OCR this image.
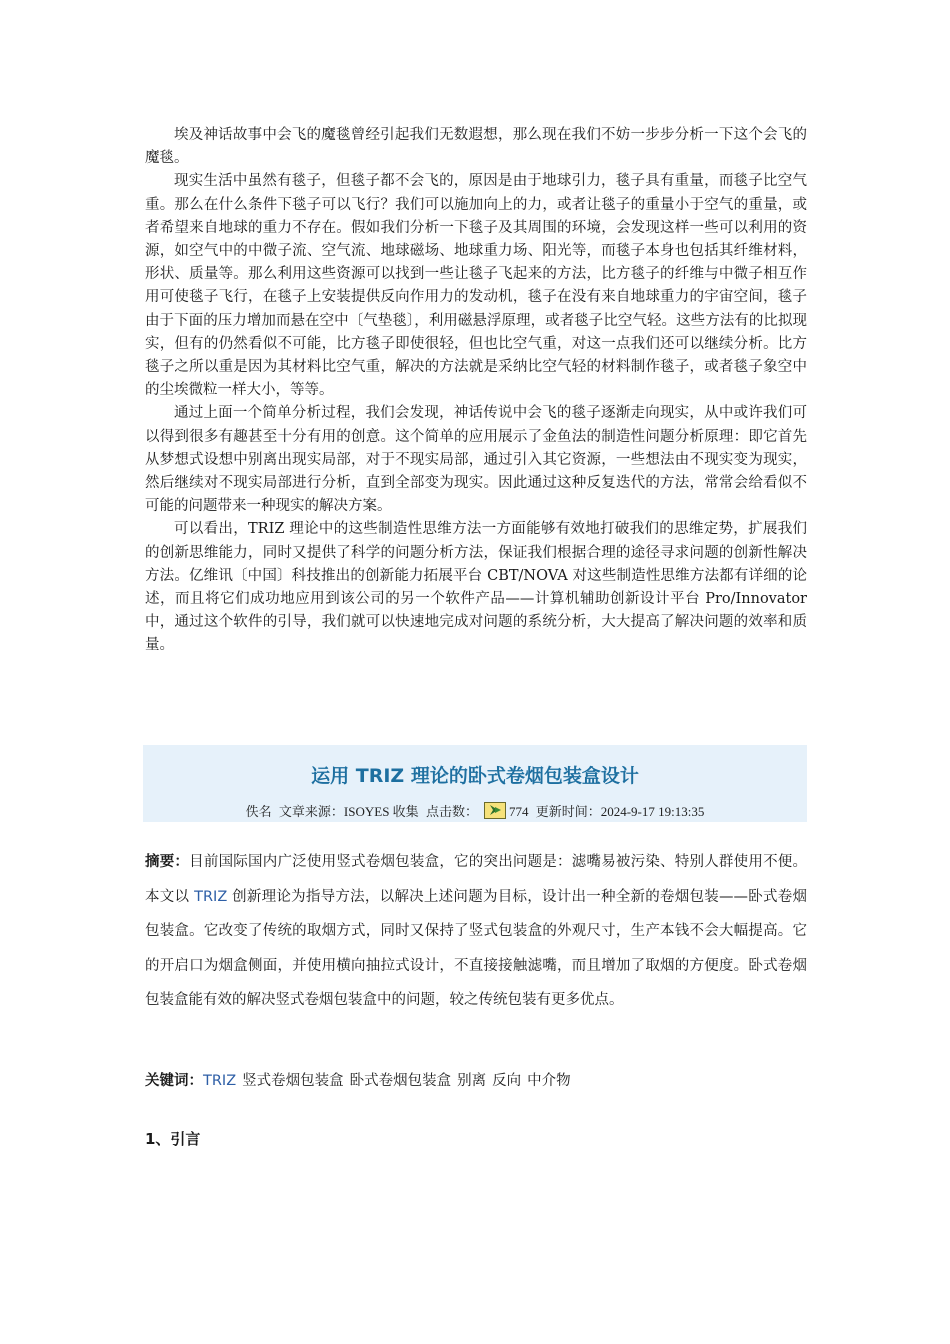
埃及神话故事中会飞的魔毯曾经引起我们无数遐想，那么现在我们不妨一步步分析一下这个会飞的魔毯。

现实生活中虽然有毯子，但毯子都不会飞的，原因是由于地球引力，毯子具有重量，而毯子比空气重。那么在什么条件下毯子可以飞行？我们可以施加向上的力，或者让毯子的重量小于空气的重量，或者希望来自地球的重力不存在。假如我们分析一下毯子及其周围的环境，会发现这样一些可以利用的资源，如空气中的中微子流、空气流、地球磁场、地球重力场、阳光等，而毯子本身也包括其纤维材料，形状、质量等。那么利用这些资源可以找到一些让毯子飞起来的方法，比方毯子的纤维与中微子相互作用可使毯子飞行，在毯子上安装提供反向作用力的发动机，毯子在没有来自地球重力的宇宙空间，毯子由于下面的压力增加而悬在空中〔气垫毯〕，利用磁悬浮原理，或者毯子比空气轻。这些方法有的比拟现实，但有的仍然看似不可能，比方毯子即使很轻，但也比空气重，对这一点我们还可以继续分析。比方毯子之所以重是因为其材料比空气重，解决的方法就是采纳比空气轻的材料制作毯子，或者毯子象空中的尘埃微粒一样大小，等等。

通过上面一个简单分析过程，我们会发现，神话传说中会飞的毯子逐渐走向现实，从中或许我们可以得到很多有趣甚至十分有用的创意。这个简单的应用展示了金鱼法的制造性问题分析原理：即它首先从梦想式设想中别离出现实局部，对于不现实局部，通过引入其它资源，一些想法由不现实变为现实，然后继续对不现实局部进行分析，直到全部变为现实。因此通过这种反复迭代的方法，常常会给看似不可能的问题带来一种现实的解决方案。

可以看出，TRIZ 理论中的这些制造性思维方法一方面能够有效地打破我们的思维定势，扩展我们的创新思维能力，同时又提供了科学的问题分析方法，保证我们根据合理的途径寻求问题的创新性解决方法。亿维讯〔中国〕科技推出的创新能力拓展平台 CBT/NOVA 对这些制造性思维方法都有详细的论述，而且将它们成功地应用到该公司的另一个软件产品——计算机辅助创新设计平台 Pro/Innovator 中，通过这个软件的引导，我们就可以快速地完成对问题的系统分析，大大提高了解决问题的效率和质量。

运用 TRIZ 理论的卧式卷烟包装盒设计
佚名 文章来源：ISOYES 收集 点击数： 774 更新时间：2024-9-17 19:13:35
摘要：目前国际国内广泛使用竖式卷烟包装盒，它的突出问题是：滤嘴易被污染、特别人群使用不便。本文以 TRIZ 创新理论为指导方法，以解决上述问题为目标，设计出一种全新的卷烟包装——卧式卷烟包装盒。它改变了传统的取烟方式，同时又保持了竖式包装盒的外观尺寸，生产本钱不会大幅提高。它的开启口为烟盒侧面，并使用横向抽拉式设计，不直接接触滤嘴，而且增加了取烟的方便度。卧式卷烟包装盒能有效的解决竖式卷烟包装盒中的问题，较之传统包装有更多优点。
关键词：TRIZ 竖式卷烟包装盒 卧式卷烟包装盒 别离 反向 中介物
1、引言
